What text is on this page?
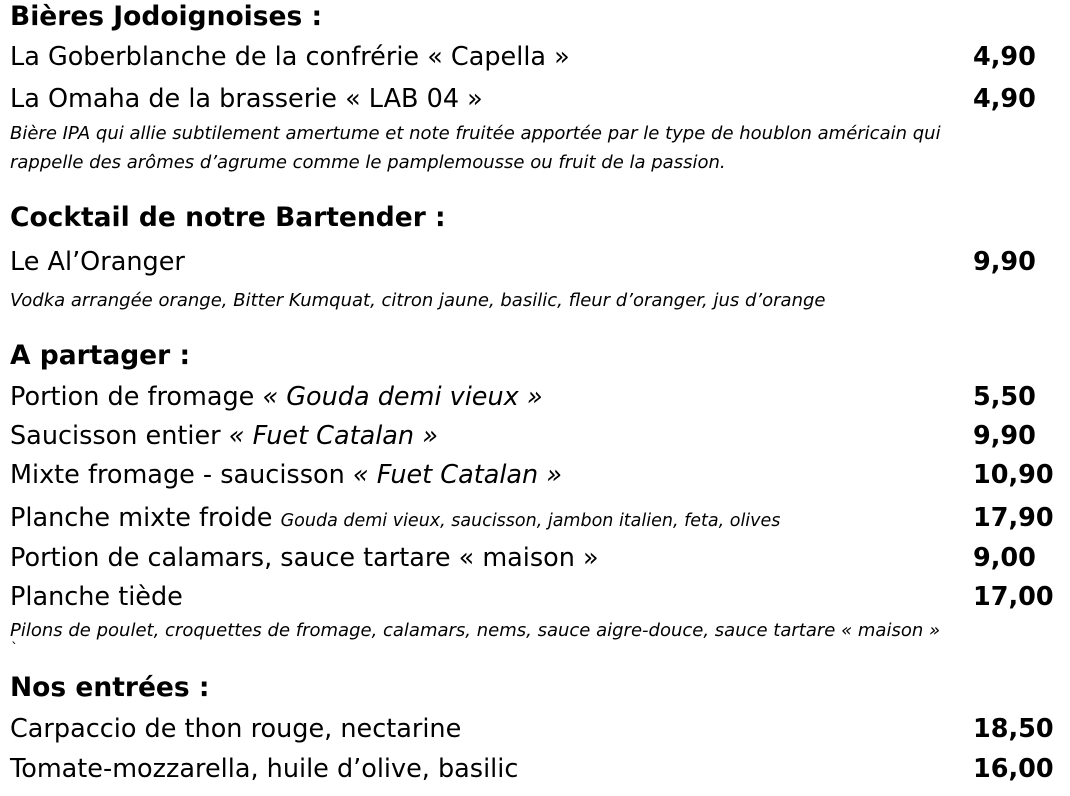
Bières Jodoignoises :
La Goberblanche de la confrérie « Capella »	4,90
La Omaha de la brasserie « LAB 04 »	4,90
Bière IPA qui allie subtilement amertume et note fruitée apportée par le type de houblon américain qui
rappelle des arômes d’agrume comme le pamplemousse ou fruit de la passion.
Cocktail de notre Bartender :
Le Al’Oranger	9,90
Vodka arrangée orange, Bitter Kumquat, citron jaune, basilic, fleur d’oranger, jus d’orange
A partager :
Portion de fromage « Gouda demi vieux »	5,50
Saucisson entier « Fuet Catalan »	9,90
Mixte fromage - saucisson « Fuet Catalan »	10,90
Planche mixte froide Gouda demi vieux, saucisson, jambon italien, feta, olives	17,90
Portion de calamars, sauce tartare « maison »	9,00
Planche tiède	17,00
Pilons de poulet, croquettes de fromage, calamars, nems, sauce aigre-douce, sauce tartare « maison »
`
Nos entrées :
Carpaccio de thon rouge, nectarine	18,50
Tomate-mozzarella, huile d’olive, basilic	16,00
